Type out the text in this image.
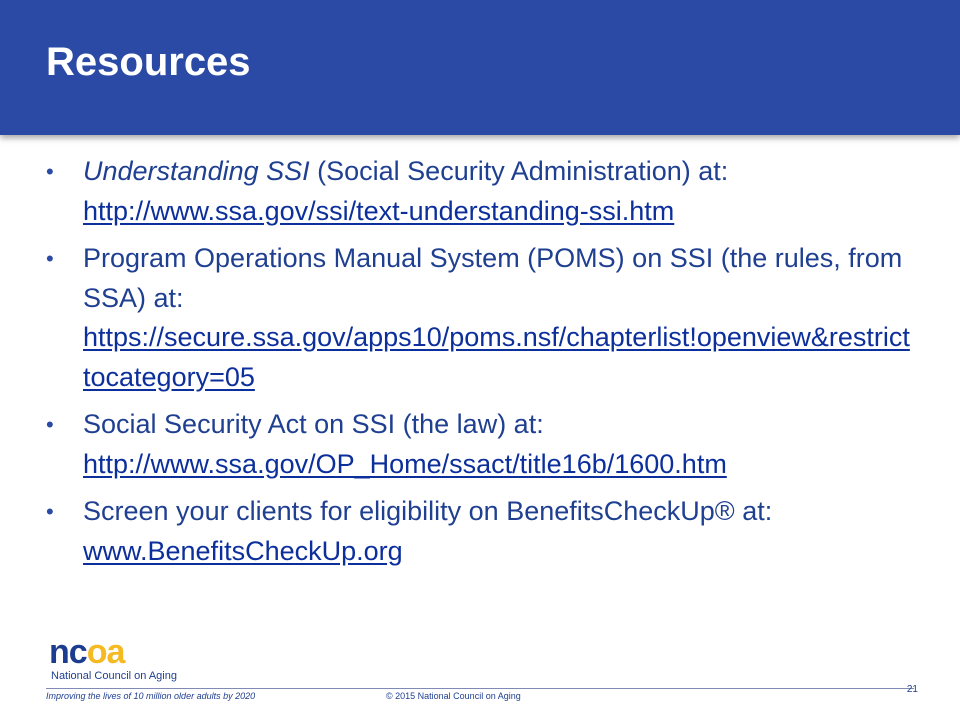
Resources
•	Understanding SSI (Social Security Administration) at:
http://www.ssa.gov/ssi/text-understanding-ssi.htm
•	Program Operations Manual System (POMS) on SSI (the rules, from SSA) at:
https://secure.ssa.gov/apps10/poms.nsf/chapterlist!openview&restricttocategory=05
•	Social Security Act on SSI (the law) at:
http://www.ssa.gov/OP_Home/ssact/title16b/1600.htm
•	Screen your clients for eligibility on BenefitsCheckUp® at:
www.BenefitsCheckUp.org
ncoa
National Council on Aging
Improving the lives of 10 million older adults by 2020	© 2015 National Council on Aging
21
